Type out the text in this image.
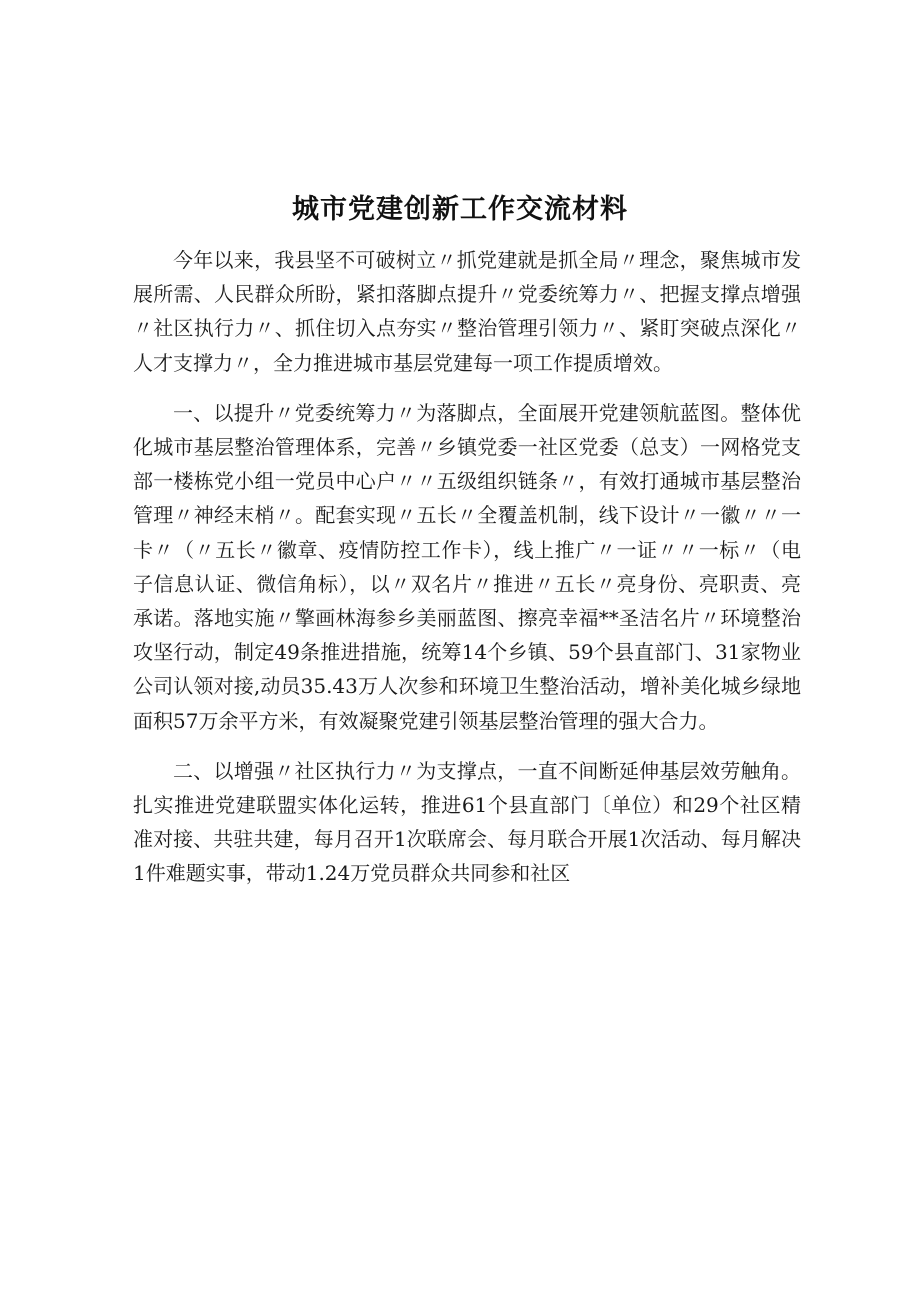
城市党建创新工作交流材料

今年以来，我县坚不可破树立〃抓党建就是抓全局〃理念，聚焦城市发展所需、人民群众所盼，紧扣落脚点提升〃党委统筹力〃、把握支撑点增强〃社区执行力〃、抓住切入点夯实〃整治管理引领力〃、紧盯突破点深化〃人才支撑力〃，全力推进城市基层党建每一项工作提质增效。

一、以提升〃党委统筹力〃为落脚点，全面展开党建领航蓝图。整体优化城市基层整治管理体系，完善〃乡镇党委一社区党委（总支）一网格党支部一楼栋党小组一党员中心户〃〃五级组织链条〃，有效打通城市基层整治管理〃神经末梢〃。配套实现〃五长〃全覆盖机制，线下设计〃一徽〃〃一卡〃（〃五长〃徽章、疫情防控工作卡），线上推广〃一证〃〃一标〃（电子信息认证、微信角标），以〃双名片〃推进〃五长〃亮身份、亮职责、亮承诺。落地实施〃擎画林海参乡美丽蓝图、擦亮幸福**圣洁名片〃环境整治攻坚行动，制定49条推进措施，统筹14个乡镇、59个县直部门、31家物业公司认领对接,动员35.43万人次参和环境卫生整治活动，增补美化城乡绿地面积57万余平方米，有效凝聚党建引领基层整治管理的强大合力。

二、以增强〃社区执行力〃为支撑点，一直不间断延伸基层效劳触角。扎实推进党建联盟实体化运转，推进61个县直部门〔单位）和29个社区精准对接、共驻共建，每月召开1次联席会、每月联合开展1次活动、每月解决1件难题实事，带动1.24万党员群众共同参和社区
